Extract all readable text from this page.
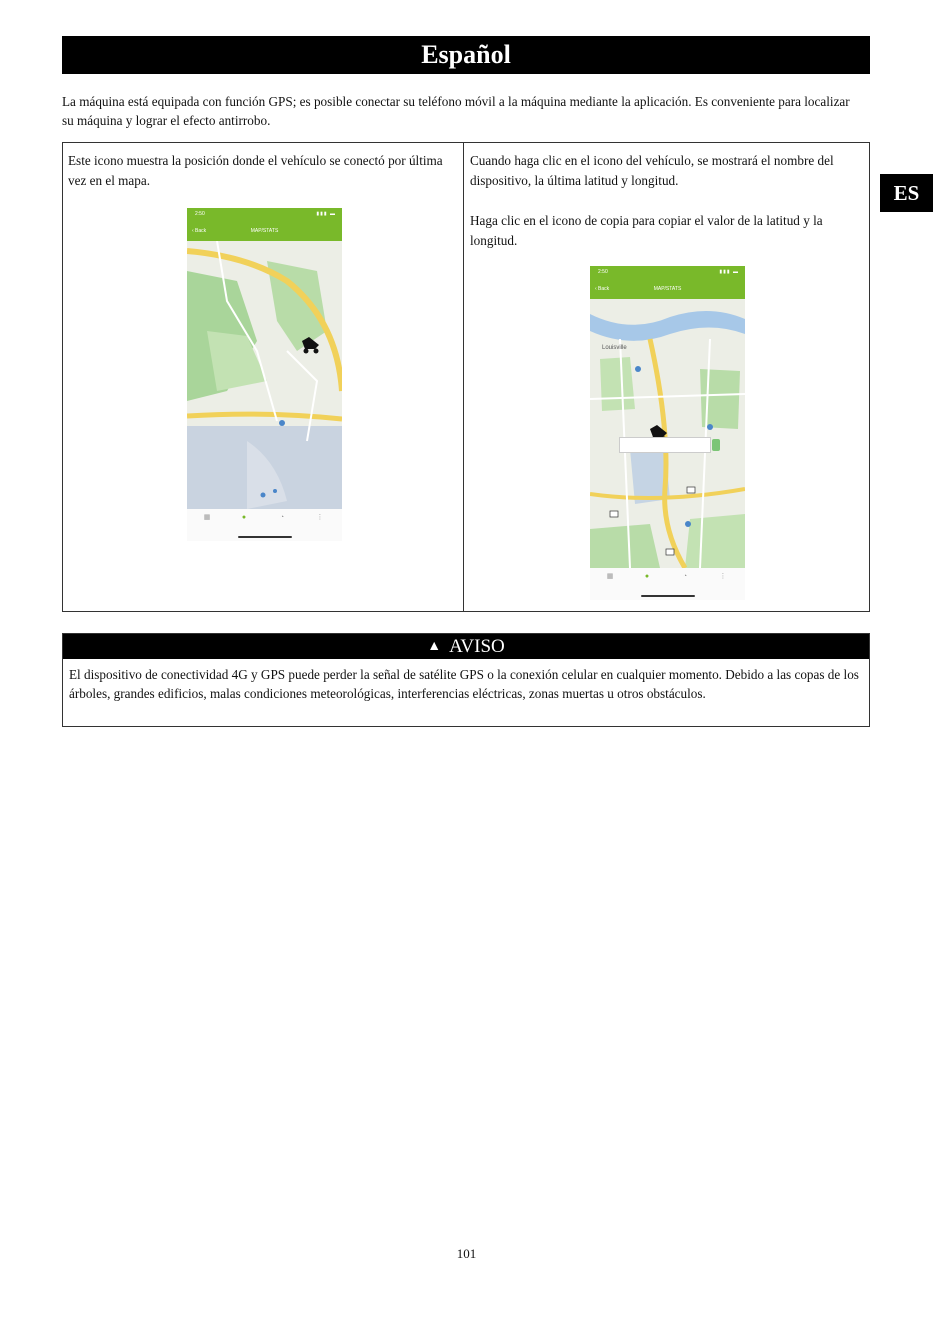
Español
La máquina está equipada con función GPS; es posible conectar su teléfono móvil a la máquina mediante la aplicación. Es conveniente para localizar su máquina y lograr el efecto antirrobo.
ES

Este icono muestra la posición donde el vehículo se conectó por última vez en el mapa.

2:50	▮▮▮ ▬
‹ Back	MAP/STATS
▦	●	◔	⋮

Cuando haga clic en el icono del vehículo, se mostrará el nombre del dispositivo, la última latitud y longitud.

Haga clic en el icono de copia para copiar el valor de la latitud y la longitud.

2:50	▮▮▮ ▬
‹ Back	MAP/STATS
Louisville
▦	●	◔	⋮
▲ AVISO
El dispositivo de conectividad 4G y GPS puede perder la señal de satélite GPS o la conexión celular en cualquier momento. Debido a las copas de los árboles, grandes edificios, malas condiciones meteorológicas, interferencias eléctricas, zonas muertas u otros obstáculos.
101
